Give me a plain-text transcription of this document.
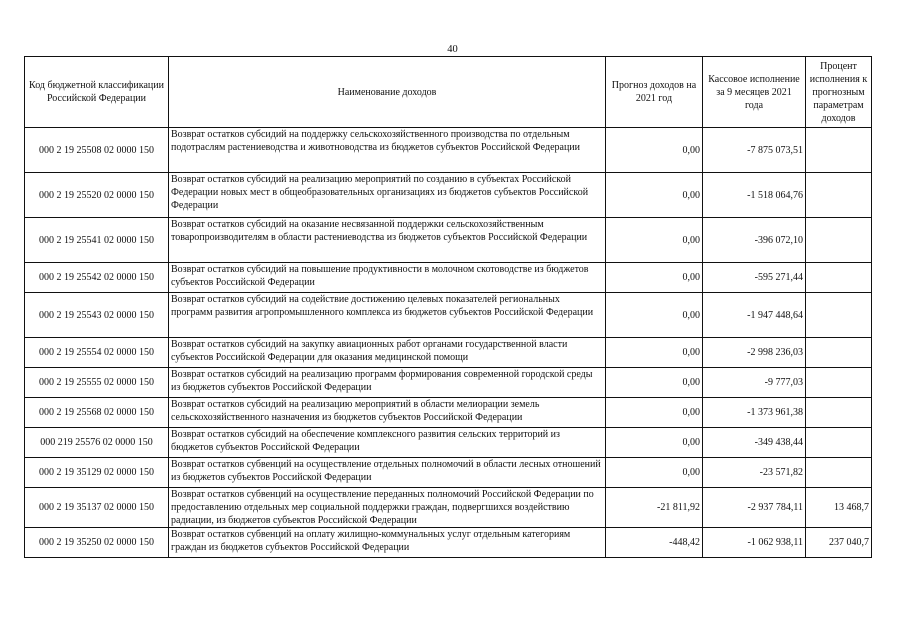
40
Код бюджетной классификации Российской Федерации	Наименование доходов	Прогноз доходов на 2021 год	Кассовое исполнение за 9 месяцев 2021 года	Процент исполнения к прогнозным параметрам доходов
000 2 19 25508 02 0000 150	Возврат остатков субсидий на поддержку сельскохозяйственного производства по отдельным подотраслям растениеводства и животноводства из бюджетов субъектов Российской Федерации	0,00	-7 875 073,51	
000 2 19 25520 02 0000 150	Возврат остатков субсидий на реализацию мероприятий по созданию в субъектах Российской Федерации новых мест в общеобразовательных организациях из бюджетов субъектов Российской Федерации	0,00	-1 518 064,76	
000 2 19 25541 02 0000 150	Возврат остатков субсидий на оказание несвязанной поддержки сельскохозяйственным товаропроизводителям в области растениеводства из бюджетов субъектов Российской Федерации	0,00	-396 072,10	
000 2 19 25542 02 0000 150	Возврат остатков субсидий на повышение продуктивности в молочном скотоводстве из бюджетов субъектов Российской Федерации	0,00	-595 271,44	
000 2 19 25543 02 0000 150	Возврат остатков субсидий на содействие достижению целевых показателей региональных программ развития агропромышленного комплекса из бюджетов субъектов Российской Федерации	0,00	-1 947 448,64	
000 2 19 25554 02 0000 150	Возврат остатков субсидий на закупку авиационных работ органами государственной власти субъектов Российской Федерации для оказания медицинской помощи	0,00	-2 998 236,03	
000 2 19 25555 02 0000 150	Возврат остатков субсидий на реализацию программ формирования современной городской среды из бюджетов субъектов Российской Федерации	0,00	-9 777,03	
000 2 19 25568 02 0000 150	Возврат остатков субсидий на реализацию мероприятий в области мелиорации земель сельскохозяйственного назначения из бюджетов субъектов Российской Федерации	0,00	-1 373 961,38	
000 219 25576 02 0000 150	Возврат остатков субсидий на обеспечение комплексного развития сельских территорий из бюджетов субъектов Российской Федерации	0,00	-349 438,44	
000 2 19 35129 02 0000 150	Возврат остатков субвенций на осуществление отдельных полномочий в области лесных отношений из бюджетов субъектов Российской Федерации	0,00	-23 571,82	
000 2 19 35137 02 0000 150	Возврат остатков субвенций на осуществление переданных полномочий Российской Федерации по предоставлению отдельных мер социальной поддержки граждан, подвергшихся воздействию радиации, из бюджетов субъектов Российской Федерации	-21 811,92	-2 937 784,11	13 468,7
000 2 19 35250 02 0000 150	Возврат остатков субвенций на оплату жилищно-коммунальных услуг отдельным категориям граждан из бюджетов субъектов Российской Федерации	-448,42	-1 062 938,11	237 040,7
